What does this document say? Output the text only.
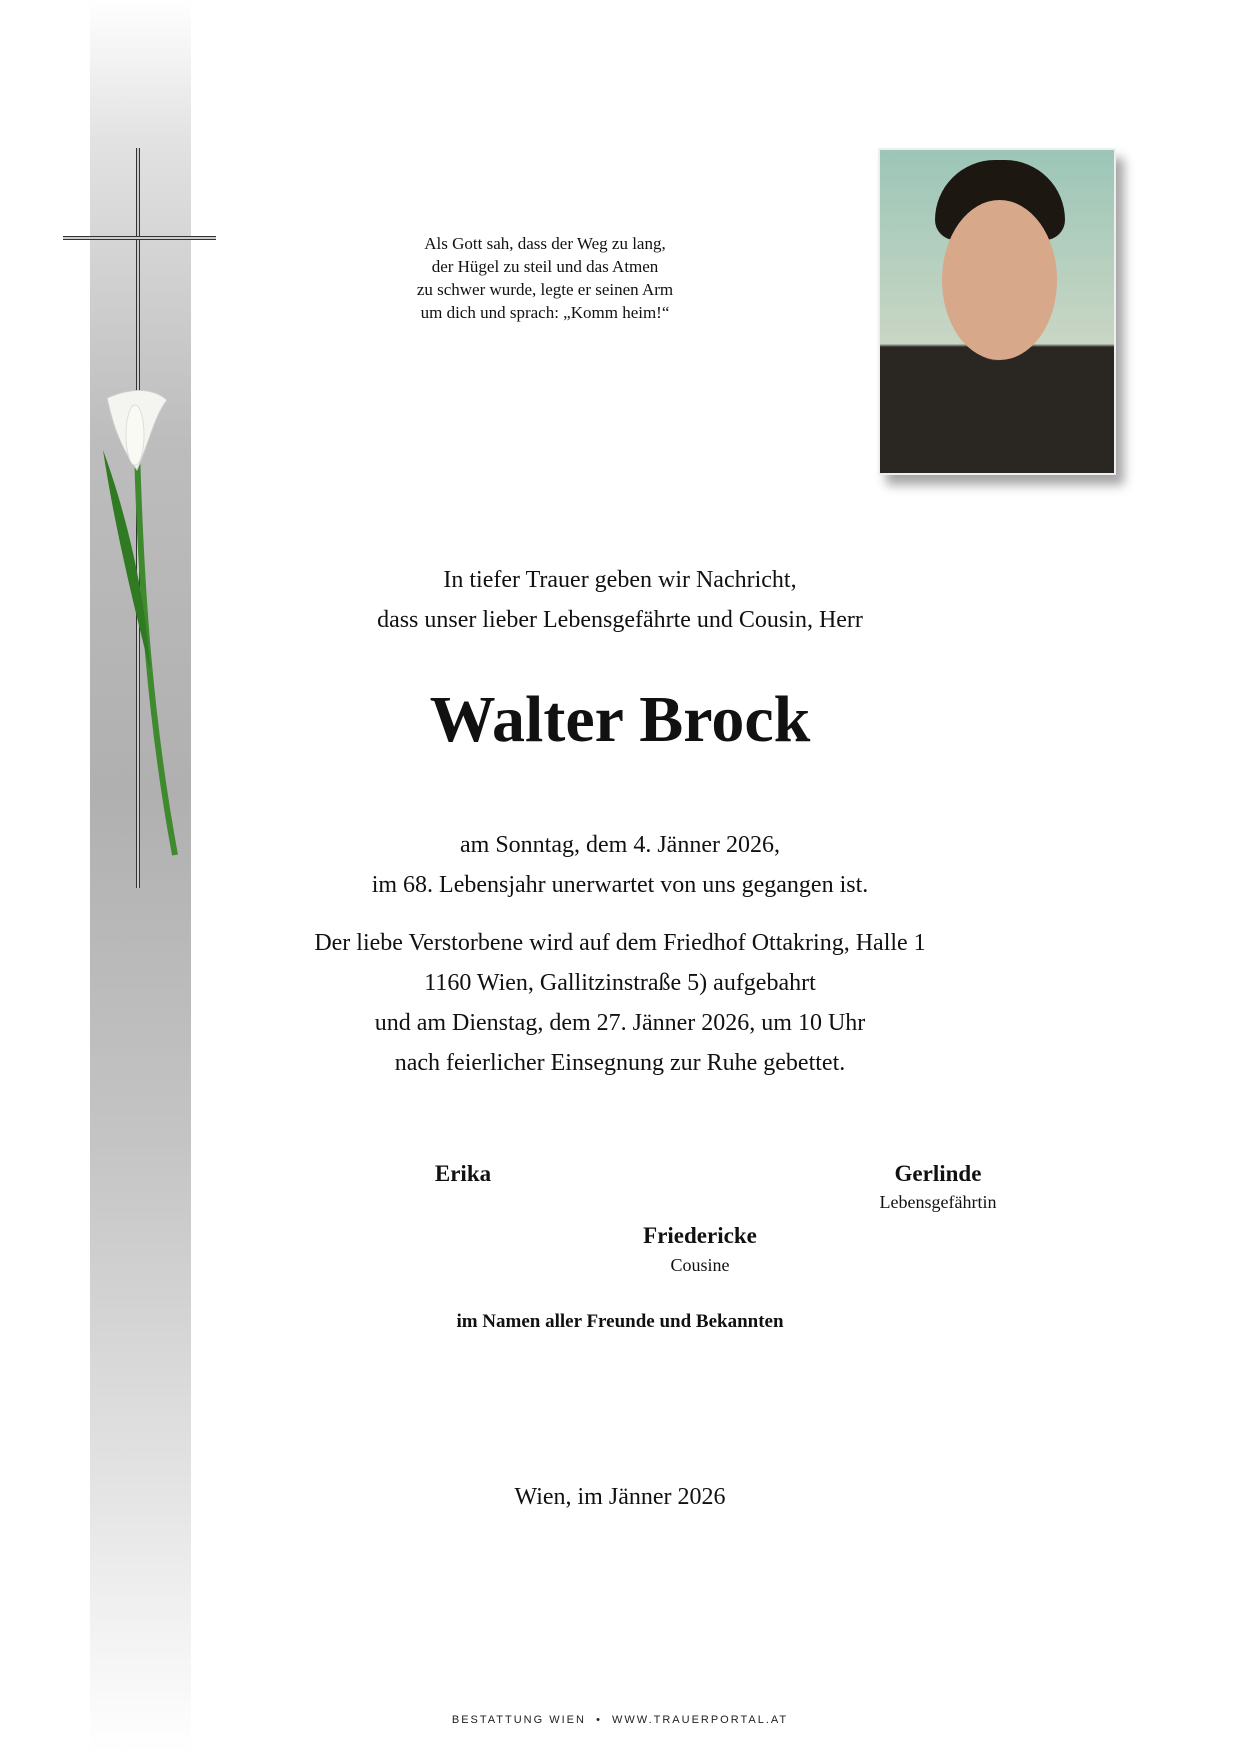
Als Gott sah, dass der Weg zu lang,
der Hügel zu steil und das Atmen
zu schwer wurde, legte er seinen Arm
um dich und sprach: „Komm heim!“
In tiefer Trauer geben wir Nachricht,
dass unser lieber Lebensgefährte und Cousin, Herr
Walter Brock
am Sonntag, dem 4. Jänner 2026,
im 68. Lebensjahr unerwartet von uns gegangen ist.
Der liebe Verstorbene wird auf dem Friedhof Ottakring, Halle 1
1160 Wien, Gallitzinstraße 5) aufgebahrt
und am Dienstag, dem 27. Jänner 2026, um 10 Uhr
nach feierlicher Einsegnung zur Ruhe gebettet.
Erika	Gerlinde
Lebensgefährtin
Friedericke
Cousine
im Namen aller Freunde und Bekannten
Wien, im Jänner 2026
BESTATTUNG WIEN  •  WWW.TRAUERPORTAL.AT
